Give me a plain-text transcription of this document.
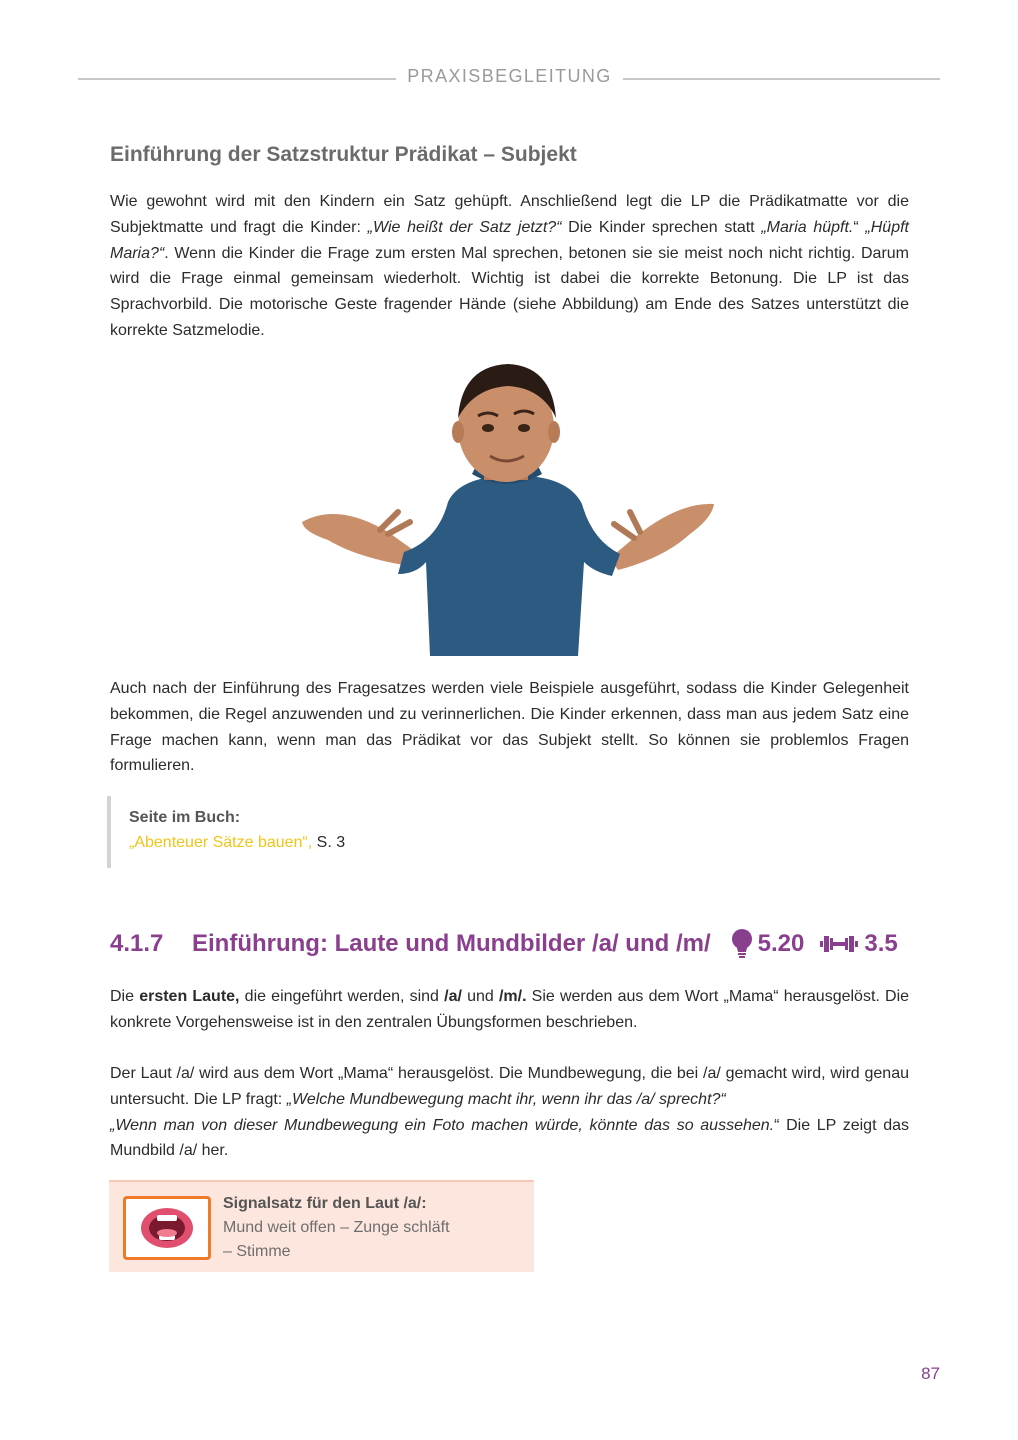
PRAXISBEGLEITUNG
Einführung der Satzstruktur Prädikat – Subjekt

Wie gewohnt wird mit den Kindern ein Satz gehüpft. Anschließend legt die LP die Prädikatmatte vor die Subjektmatte und fragt die Kinder: „Wie heißt der Satz jetzt?“ Die Kinder sprechen statt „Maria hüpft.“ „Hüpft Maria?“. Wenn die Kinder die Frage zum ersten Mal sprechen, betonen sie sie meist noch nicht richtig. Darum wird die Frage einmal gemeinsam wiederholt. Wichtig ist dabei die korrekte Betonung. Die LP ist das Sprachvorbild. Die motorische Geste fragender Hände (siehe Abbildung) am Ende des Satzes unterstützt die korrekte Satzmelodie.

Auch nach der Einführung des Fragesatzes werden viele Beispiele ausgeführt, sodass die Kinder Gelegenheit bekommen, die Regel anzuwenden und zu verinnerlichen. Die Kinder erkennen, dass man aus jedem Satz eine Frage machen kann, wenn man das Prädikat vor das Subjekt stellt. So können sie problemlos Fragen formulieren.

Seite im Buch:
„Abenteuer Sätze bauen“, S. 3
4.1.7	Einführung: Laute und Mundbilder /a/ und /m/ 5.20	3.5

Die ersten Laute, die eingeführt werden, sind /a/ und /m/. Sie werden aus dem Wort „Mama“ herausgelöst. Die konkrete Vorgehensweise ist in den zentralen Übungsformen beschrieben.

Der Laut /a/ wird aus dem Wort „Mama“ herausgelöst. Die Mundbewegung, die bei /a/ gemacht wird, wird genau untersucht. Die LP fragt: „Welche Mundbewegung macht ihr, wenn ihr das /a/ sprecht?“
„Wenn man von dieser Mundbewegung ein Foto machen würde, könnte das so aussehen.“ Die LP zeigt das Mundbild /a/ her.

Signalsatz für den Laut /a/:
Mund weit offen – Zunge schläft
– Stimme
87
